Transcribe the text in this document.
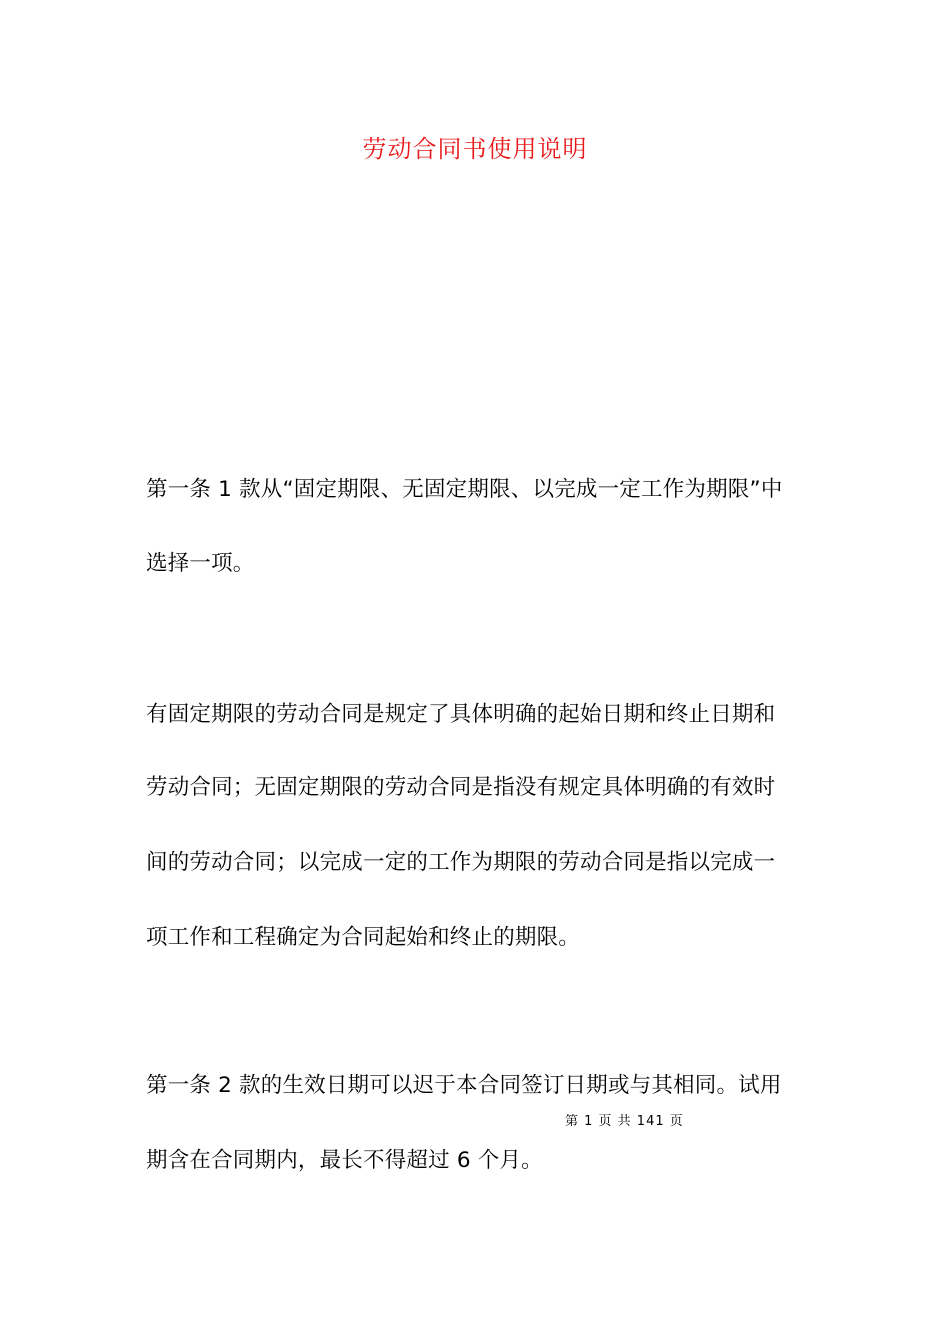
劳动合同书使用说明
第一条 1 款从“固定期限、无固定期限、以完成一定工作为期限”中
选择一项。
有固定期限的劳动合同是规定了具体明确的起始日期和终止日期和
劳动合同；无固定期限的劳动合同是指没有规定具体明确的有效时
间的劳动合同；以完成一定的工作为期限的劳动合同是指以完成一
项工作和工程确定为合同起始和终止的期限。
第一条 2 款的生效日期可以迟于本合同签订日期或与其相同。试用
第 1 页 共 141 页
期含在合同期内，最长不得超过 6 个月。
